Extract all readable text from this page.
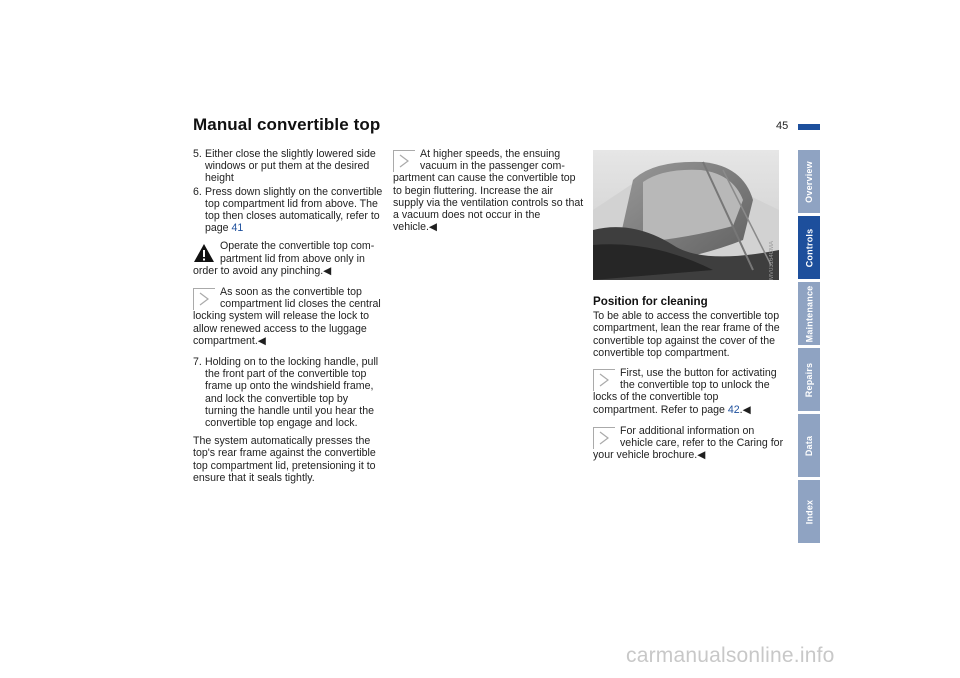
Manual convertible top	45
5. Either close the slightly lowered side windows or put them at the desired height
6. Press down slightly on the convertible top compartment lid from above. The top then closes automatically, refer to page 41
Operate the convertible top com- partment lid from above only in
order to avoid any pinching.◀
As soon as the convertible top compartment lid closes the central
locking system will release the lock to allow renewed access to the luggage compartment.◀
7. Holding on to the locking handle, pull the front part of the convertible top frame up onto the windshield frame, and lock the convertible top by turning the handle until you hear the convertible top engage and lock.

The system automatically presses the top's rear frame against the convertible top compartment lid, pretensioning it to ensure that it seals tightly.

At higher speeds, the ensuing vacuum in the passenger com-
partment can cause the convertible top to begin fluttering. Increase the air supply via the ventilation controls so that a vacuum does not occur in the vehicle.◀
MV03164CMA
Position for cleaning

To be able to access the convertible top compartment, lean the rear frame of the convertible top against the cover of the convertible top compartment.

First, use the button for activating the convertible top to unlock the
locks of the convertible top compartment. Refer to page 42.◀
For additional information on vehicle care, refer to the Caring for
your vehicle brochure.◀
Overview
Controls
Maintenance
Repairs
Data
Index
carmanualsonline.info
